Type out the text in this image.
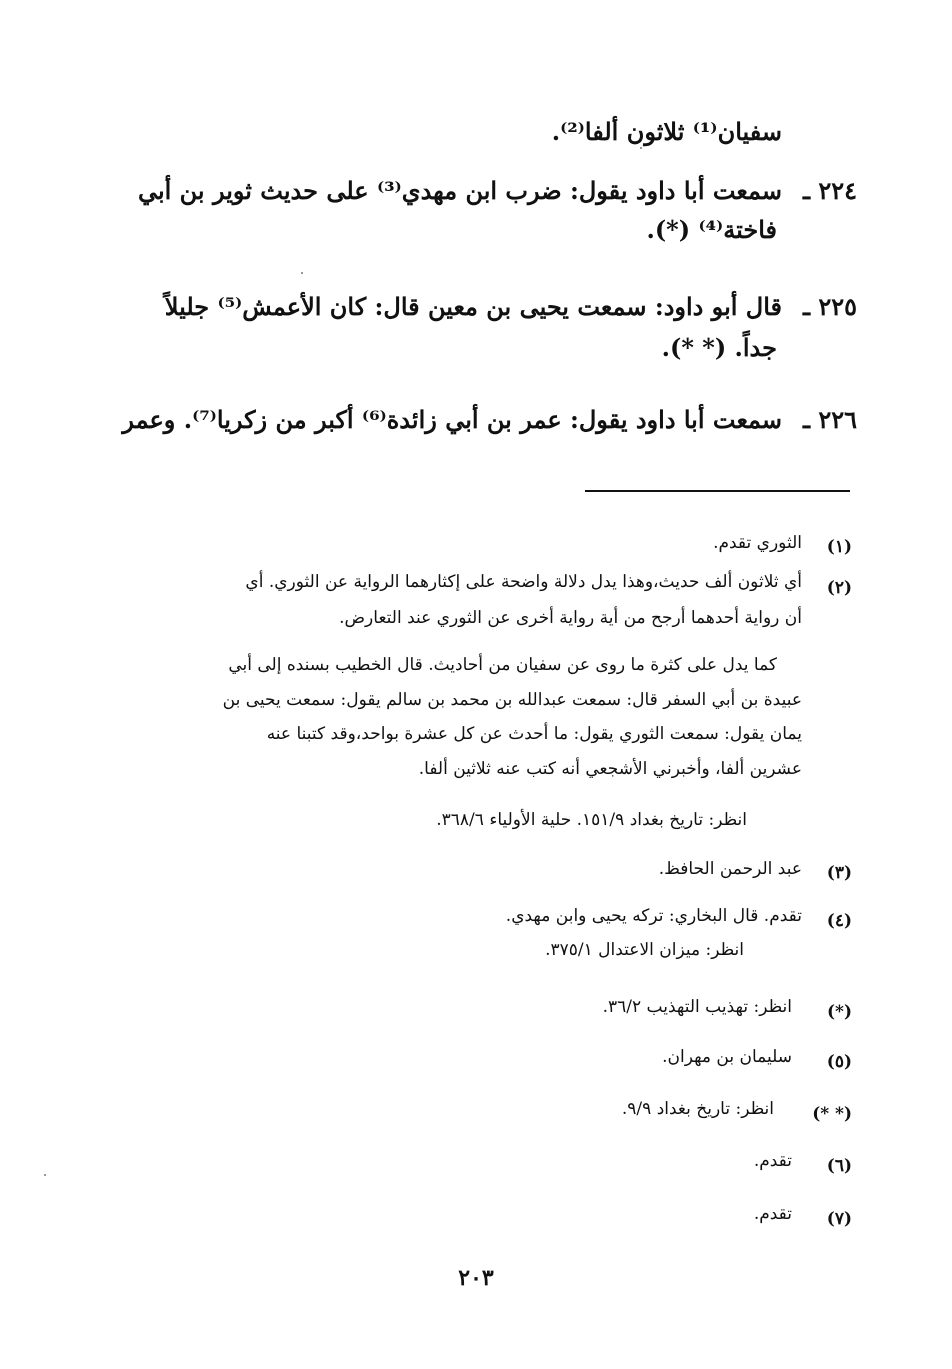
سفيان⁽¹⁾ ثلاثون ألفا⁽²⁾.
٢٢٤ ـ
سمعت أبا داود يقول: ضرب ابن مهدي⁽³⁾ على حديث ثوير بن أبي
فاختة⁽⁴⁾ (*).
٢٢٥ ـ
قال أبو داود: سمعت يحيى بن معين قال: كان الأعمش⁽⁵⁾ جليلاً
جداً. (* *).
٢٢٦ ـ
سمعت أبا داود يقول: عمر بن أبي زائدة⁽⁶⁾ أكبر من زكريا⁽⁷⁾. وعمر
(١)
الثوري تقدم.
(٢)
أي ثلاثون ألف حديث،وهذا يدل دلالة واضحة على إكثارهما الرواية عن الثوري. أي
أن رواية أحدهما أرجح من أية رواية أخرى عن الثوري عند التعارض.
كما يدل على كثرة ما روى عن سفيان من أحاديث. قال الخطيب بسنده إلى أبي
عبيدة بن أبي السفر قال: سمعت عبدالله بن محمد بن سالم يقول: سمعت يحيى بن
يمان يقول: سمعت الثوري يقول: ما أحدث عن كل عشرة بواحد،وقد كتبنا عنه
عشرين ألفا، وأخبرني الأشجعي أنه كتب عنه ثلاثين ألفا.
انظر: تاريخ بغداد ١٥١/٩. حلية الأولياء ٣٦٨/٦.
(٣)
عبد الرحمن الحافظ.
(٤)
تقدم. قال البخاري: تركه يحيى وابن مهدي.
انظر: ميزان الاعتدال ٣٧٥/١.
(*)
انظر: تهذيب التهذيب ٣٦/٢.
(٥)
سليمان بن مهران.
(* *)
انظر: تاريخ بغداد ٩/٩.
(٦)
تقدم.
(٧)
تقدم.
٢٠٣
